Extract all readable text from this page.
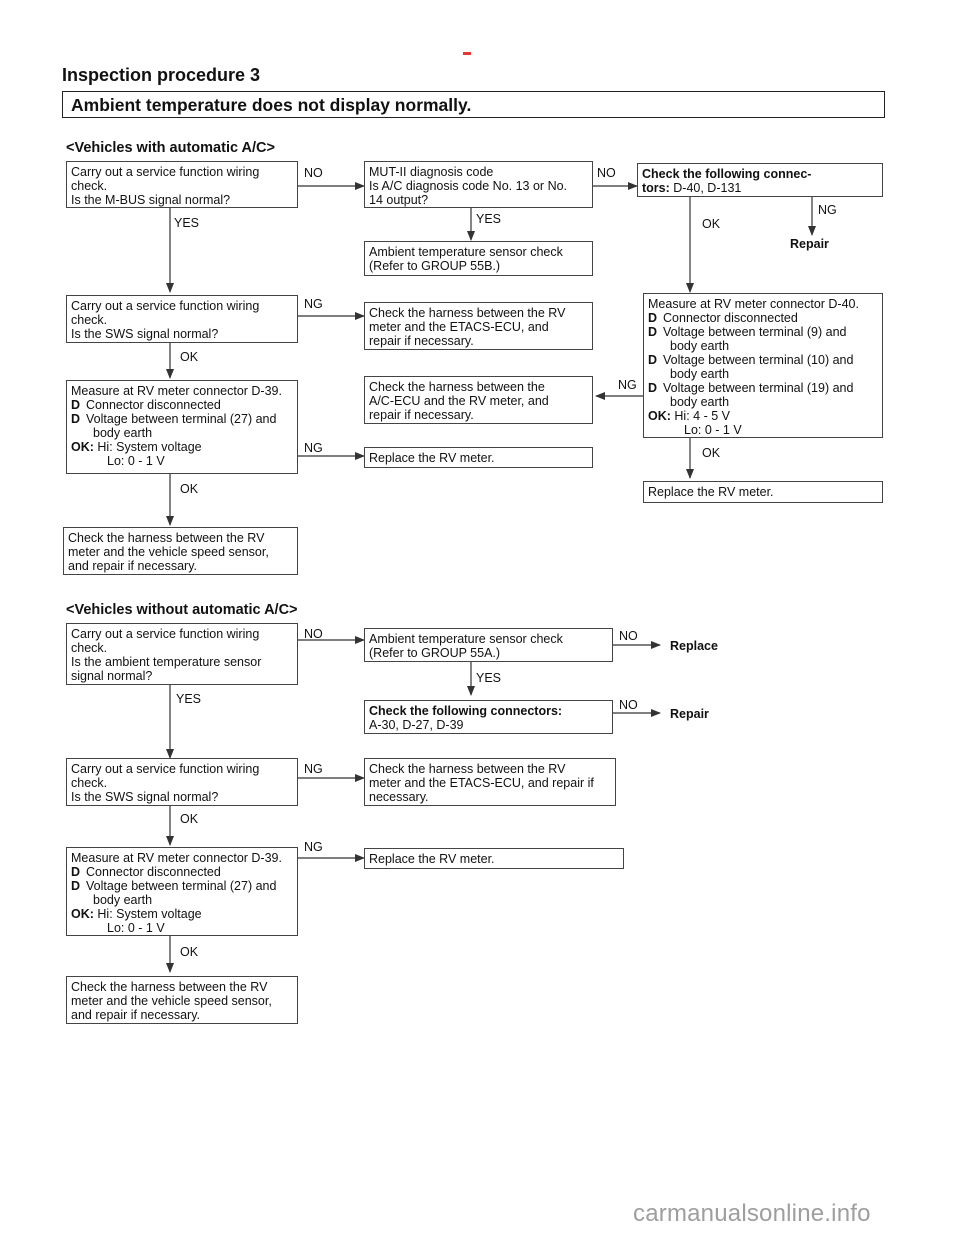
Inspection procedure 3
Ambient temperature does not display normally.
<Vehicles with automatic A/C>
Carry out a service function wiring
check.
Is the M-BUS signal normal?
MUT-II diagnosis code
Is A/C diagnosis code No. 13 or No.
14 output?
Check the following connec-
tors: D-40, D-131
Ambient temperature sensor check
(Refer to GROUP 55B.)
Carry out a service function wiring
check.
Is the SWS signal normal?
Check the harness between the RV
meter and the ETACS-ECU, and
repair if necessary.
Measure at RV meter connector D-40.
D Connector disconnected
D Voltage between terminal (9) and
body earth
D Voltage between terminal (10) and
body earth
D Voltage between terminal (19) and
body earth
OK: Hi: 4 - 5 V
Lo: 0 - 1 V
Check the harness between the
A/C-ECU and the RV meter, and
repair if necessary.
Measure at RV meter connector D-39.
D Connector disconnected
D Voltage between terminal (27) and
body earth
OK: Hi: System voltage
Lo: 0 - 1 V	Replace the RV meter.
Replace the RV meter.
Check the harness between the RV
meter and the vehicle speed sensor,
and repair if necessary.
NO	NO
YES	YES	OK
NG
Repair
NG
OK
NG
NG	OK
OK
<Vehicles without automatic A/C>
Carry out a service function wiring
check.
Is the ambient temperature sensor
signal normal?
Ambient temperature sensor check
(Refer to GROUP 55A.)
Check the following connectors:
A-30, D-27, D-39
Carry out a service function wiring
check.
Is the SWS signal normal?
Check the harness between the RV
meter and the ETACS-ECU, and repair if
necessary.
Measure at RV meter connector D-39.
D Connector disconnected
D Voltage between terminal (27) and
body earth
OK: Hi: System voltage
Lo: 0 - 1 V
Replace the RV meter.
Check the harness between the RV
meter and the vehicle speed sensor,
and repair if necessary.
NO	NO
Replace
YES
YES	NO
Repair
NG
OK
NG
OK
carmanualsonline.info
